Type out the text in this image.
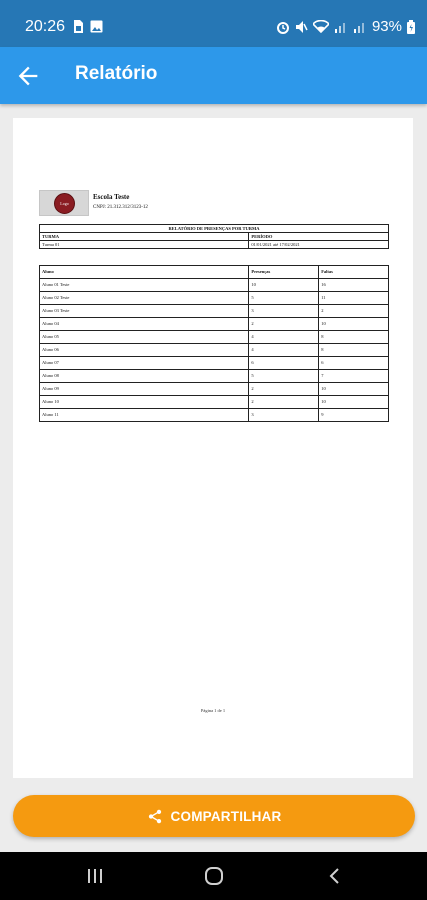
20:26	93%
Relatório
Logo
Escola Teste
CNPJ: 21.312.312/3123-12
RELATÓRIO DE PRESENÇAS POR TURMA	
TURMA	PERÍODO
Turma 01	01/01/2021 até 17/02/2021
Aluno	Presenças	Faltas
Aluno 01 Teste	10	16
Aluno 02 Teste	5	11
Aluno 03 Teste	3	2
Aluno 04	2	10
Aluno 05	4	8
Aluno 06	4	8
Aluno 07	6	6
Aluno 08	5	7
Aluno 09	2	10
Aluno 10	2	10
Aluno 11	3	9
Página 1 de 1
COMPARTILHAR
